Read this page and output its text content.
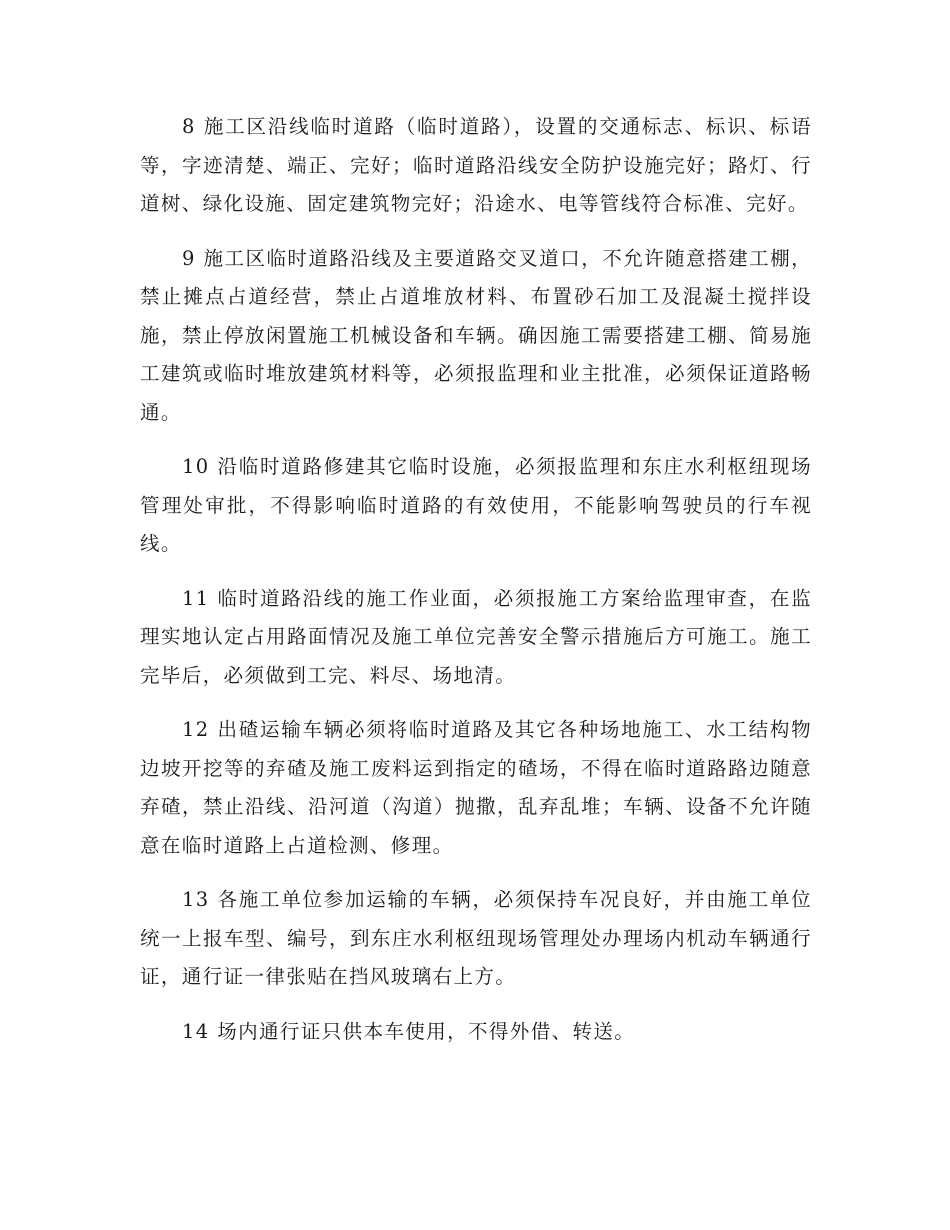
8 施工区沿线临时道路（临时道路），设置的交通标志、标识、标语等，字迹清楚、端正、完好；临时道路沿线安全防护设施完好；路灯、行道树、绿化设施、固定建筑物完好；沿途水、电等管线符合标准、完好。

9 施工区临时道路沿线及主要道路交叉道口，不允许随意搭建工棚，禁止摊点占道经营，禁止占道堆放材料、布置砂石加工及混凝土搅拌设施，禁止停放闲置施工机械设备和车辆。确因施工需要搭建工棚、简易施工建筑或临时堆放建筑材料等，必须报监理和业主批准，必须保证道路畅通。

10 沿临时道路修建其它临时设施，必须报监理和东庄水利枢纽现场管理处审批，不得影响临时道路的有效使用，不能影响驾驶员的行车视线。

11 临时道路沿线的施工作业面，必须报施工方案给监理审查，在监理实地认定占用路面情况及施工单位完善安全警示措施后方可施工。施工完毕后，必须做到工完、料尽、场地清。

12 出碴运输车辆必须将临时道路及其它各种场地施工、水工结构物边坡开挖等的弃碴及施工废料运到指定的碴场，不得在临时道路路边随意弃碴，禁止沿线、沿河道（沟道）抛撒，乱弃乱堆；车辆、设备不允许随意在临时道路上占道检测、修理。

13 各施工单位参加运输的车辆，必须保持车况良好，并由施工单位统一上报车型、编号，到东庄水利枢纽现场管理处办理场内机动车辆通行证，通行证一律张贴在挡风玻璃右上方。

14 场内通行证只供本车使用，不得外借、转送。
